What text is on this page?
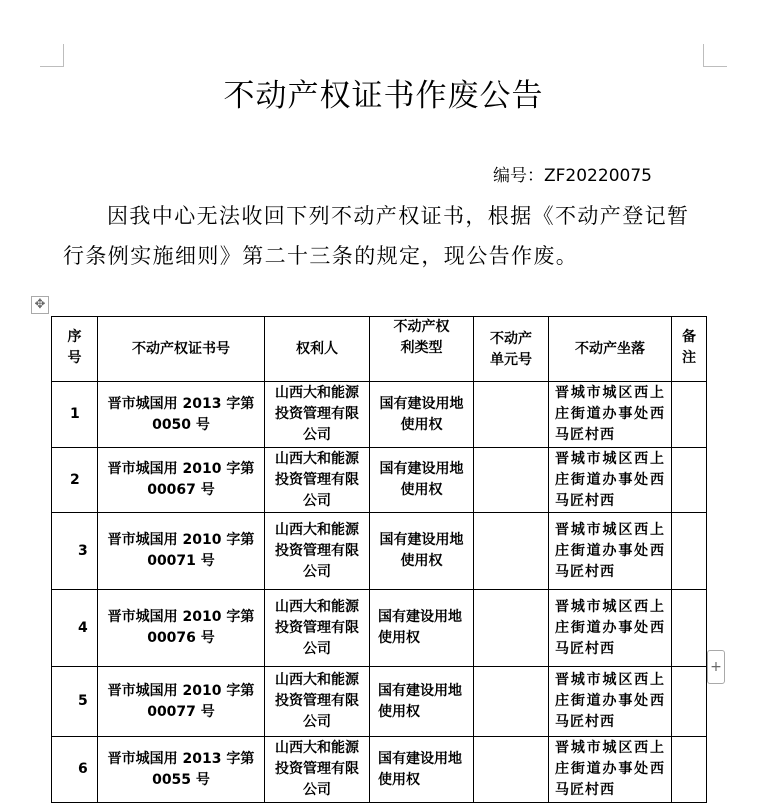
不动产权证书作废公告
编号：ZF20220075
因我中心无法收回下列不动产权证书，根据《不动产登记暂行条例实施细则》第二十三条的规定，现公告作废。
✥
+
序号	不动产权证书号	权利人	不动产权利类型	不动产单元号	不动产坐落	备注

1	晋市城国用 2013 字第 0050 号	山西大和能源投资管理有限公司	国有建设用地使用权		晋城市城区西上庄街道办事处西马匠村西	
2	晋市城国用 2010 字第 00067 号	山西大和能源投资管理有限公司	国有建设用地使用权		晋城市城区西上庄街道办事处西马匠村西	
3	晋市城国用 2010 字第 00071 号	山西大和能源投资管理有限公司	国有建设用地使用权		晋城市城区西上庄街道办事处西马匠村西	
4	晋市城国用 2010 字第 00076 号	山西大和能源投资管理有限公司	国有建设用地使用权		晋城市城区西上庄街道办事处西马匠村西	
5	晋市城国用 2010 字第 00077 号	山西大和能源投资管理有限公司	国有建设用地使用权		晋城市城区西上庄街道办事处西马匠村西	
6	晋市城国用 2013 字第 0055 号	山西大和能源投资管理有限公司	国有建设用地使用权		晋城市城区西上庄街道办事处西马匠村西	
